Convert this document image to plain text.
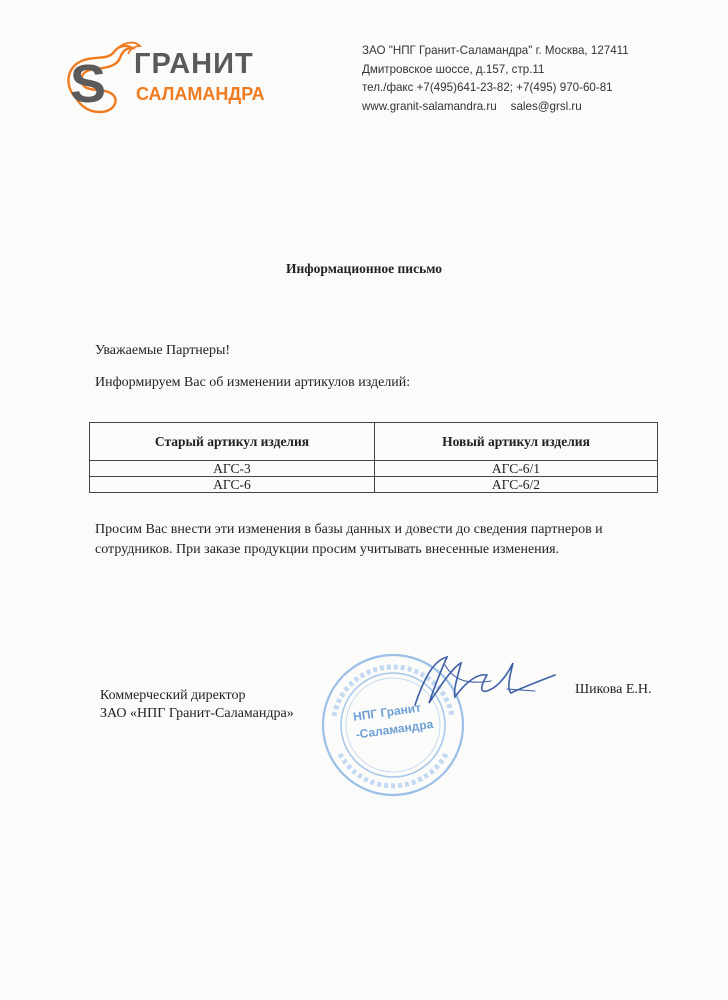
S ГРАНИТ
САЛАМАНДРА
ЗАО "НПГ Гранит-Саламандра" г. Москва, 127411
Дмитровское шоссе, д.157, стр.11
тел./факс +7(495)641-23-82; +7(495) 970-60-81
www.granit-salamandra.ru sales@grsl.ru
Информационное письмо
Уважаемые Партнеры!
Информируем Вас об изменении артикулов изделий:
Старый артикул изделия	Новый артикул изделия
АГС-3	АГС-6/1
АГС-6	АГС-6/2
Просим Вас внести эти изменения в базы данных и довести до сведения партнеров и
сотрудников. При заказе продукции просим учитывать внесенные изменения.
Коммерческий директор
ЗАО «НПГ Гранит-Саламандра»	НПГ Гранит
-Саламандра
Шикова Е.Н.
